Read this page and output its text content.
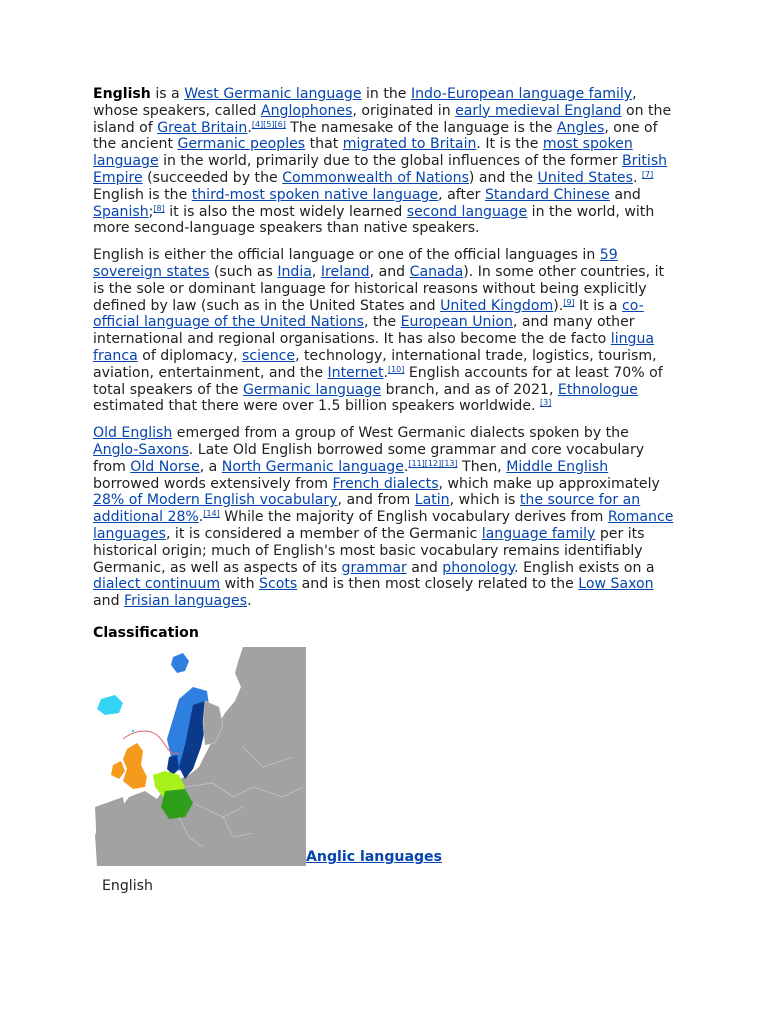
English is a West Germanic language in the Indo-European language family, whose speakers, called Anglophones, originated in early medieval England on the island of Great Britain.[4][5][6] The namesake of the language is the Angles, one of the ancient Germanic peoples that migrated to Britain. It is the most spoken language in the world, primarily due to the global influences of the former British Empire (succeeded by the Commonwealth of Nations) and the United States. [7] English is the third-most spoken native language, after Standard Chinese and Spanish;[8] it is also the most widely learned second language in the world, with more second-language speakers than native speakers.

English is either the official language or one of the official languages in 59 sovereign states (such as India, Ireland, and Canada). In some other countries, it is the sole or dominant language for historical reasons without being explicitly defined by law (such as in the United States and United Kingdom).[9] It is a co-official language of the United Nations, the European Union, and many other international and regional organisations. It has also become the de facto lingua franca of diplomacy, science, technology, international trade, logistics, tourism, aviation, entertainment, and the Internet.[10] English accounts for at least 70% of total speakers of the Germanic language branch, and as of 2021, Ethnologue estimated that there were over 1.5 billion speakers worldwide. [3]

Old English emerged from a group of West Germanic dialects spoken by the Anglo-Saxons. Late Old English borrowed some grammar and core vocabulary from Old Norse, a North Germanic language.[11][12][13] Then, Middle English borrowed words extensively from French dialects, which make up approximately 28% of Modern English vocabulary, and from Latin, which is the source for an additional 28%.[14] While the majority of English vocabulary derives from Romance languages, it is considered a member of the Germanic language family per its historical origin; much of English's most basic vocabulary remains identifiably Germanic, as well as aspects of its grammar and phonology. English exists on a dialect continuum with Scots and is then most closely related to the Low Saxon and Frisian languages.

Classification
Anglic languages
English
